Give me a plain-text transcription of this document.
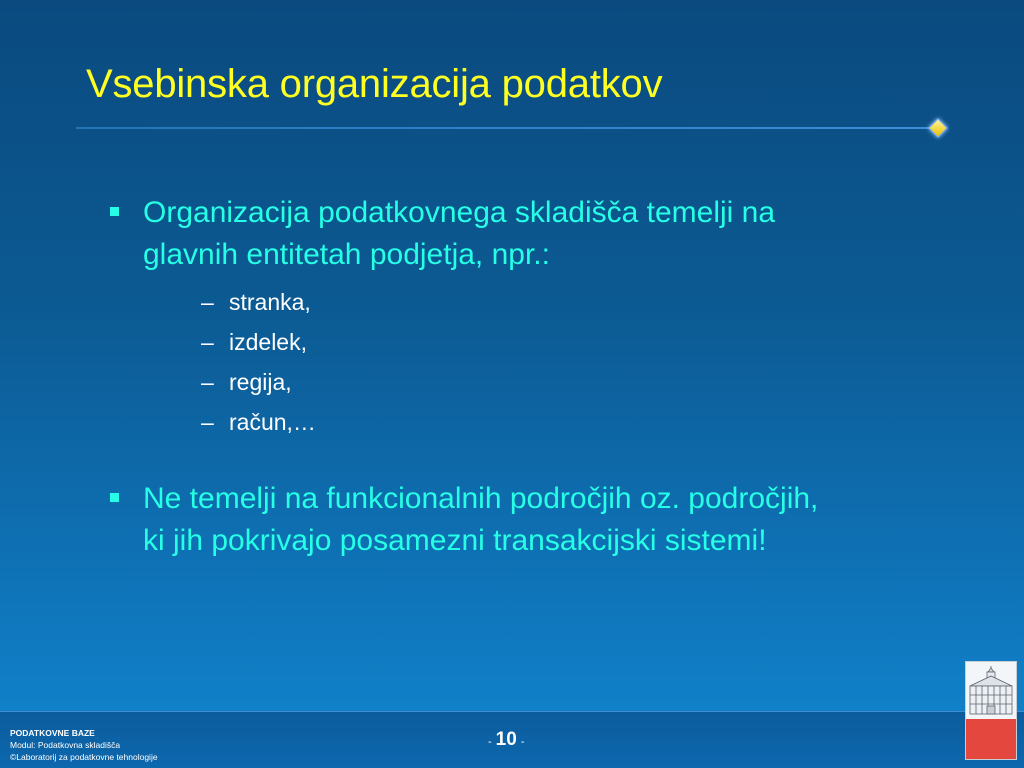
Vsebinska organizacija podatkov
Organizacija podatkovnega skladišča temelji na
glavnih entitetah podjetja, npr.:
– stranka,
– izdelek,
– regija,
– račun,…
Ne temelji na funkcionalnih področjih oz. področjih,
ki jih pokrivajo posamezni transakcijski sistemi!
PODATKOVNE BAZE
Modul: Podatkovna skladišča
©Laboratorij za podatkovne tehnologije
- 10 -
